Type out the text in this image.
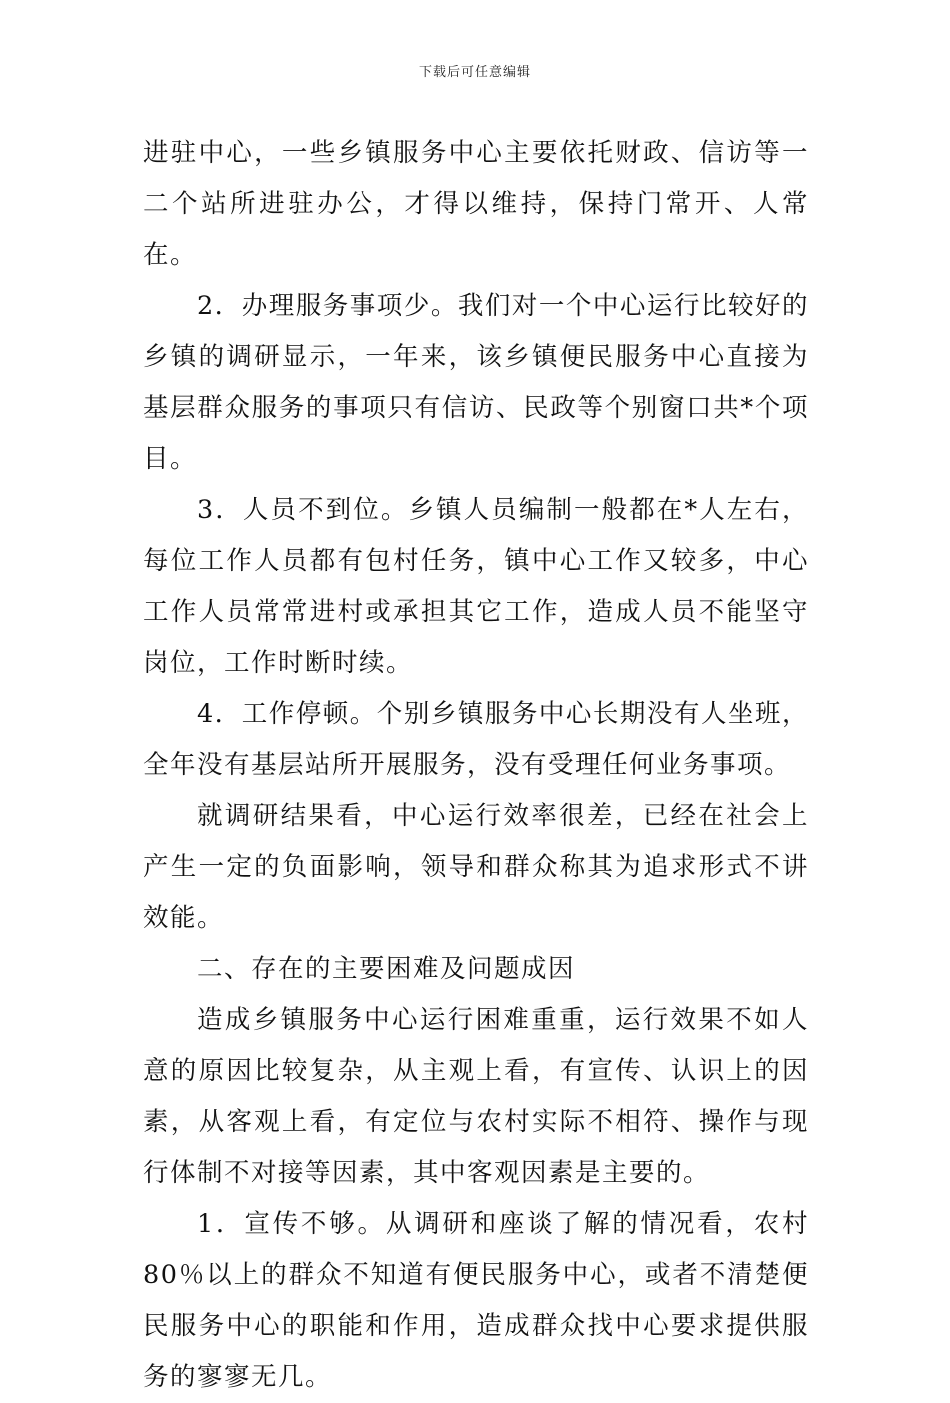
下载后可任意编辑

进驻中心，一些乡镇服务中心主要依托财政、信访等一二个站所进驻办公，才得以维持，保持门常开、人常在。

2．办理服务事项少。我们对一个中心运行比较好的乡镇的调研显示，一年来，该乡镇便民服务中心直接为基层群众服务的事项只有信访、民政等个别窗口共*个项目。

3．人员不到位。乡镇人员编制一般都在*人左右，每位工作人员都有包村任务，镇中心工作又较多，中心工作人员常常进村或承担其它工作，造成人员不能坚守岗位，工作时断时续。

4．工作停顿。个别乡镇服务中心长期没有人坐班，全年没有基层站所开展服务，没有受理任何业务事项。

就调研结果看，中心运行效率很差，已经在社会上产生一定的负面影响，领导和群众称其为追求形式不讲效能。

二、存在的主要困难及问题成因

造成乡镇服务中心运行困难重重，运行效果不如人意的原因比较复杂，从主观上看，有宣传、认识上的因素，从客观上看，有定位与农村实际不相符、操作与现行体制不对接等因素，其中客观因素是主要的。

1．宣传不够。从调研和座谈了解的情况看，农村80％以上的群众不知道有便民服务中心，或者不清楚便民服务中心的职能和作用，造成群众找中心要求提供服务的寥寥无几。
